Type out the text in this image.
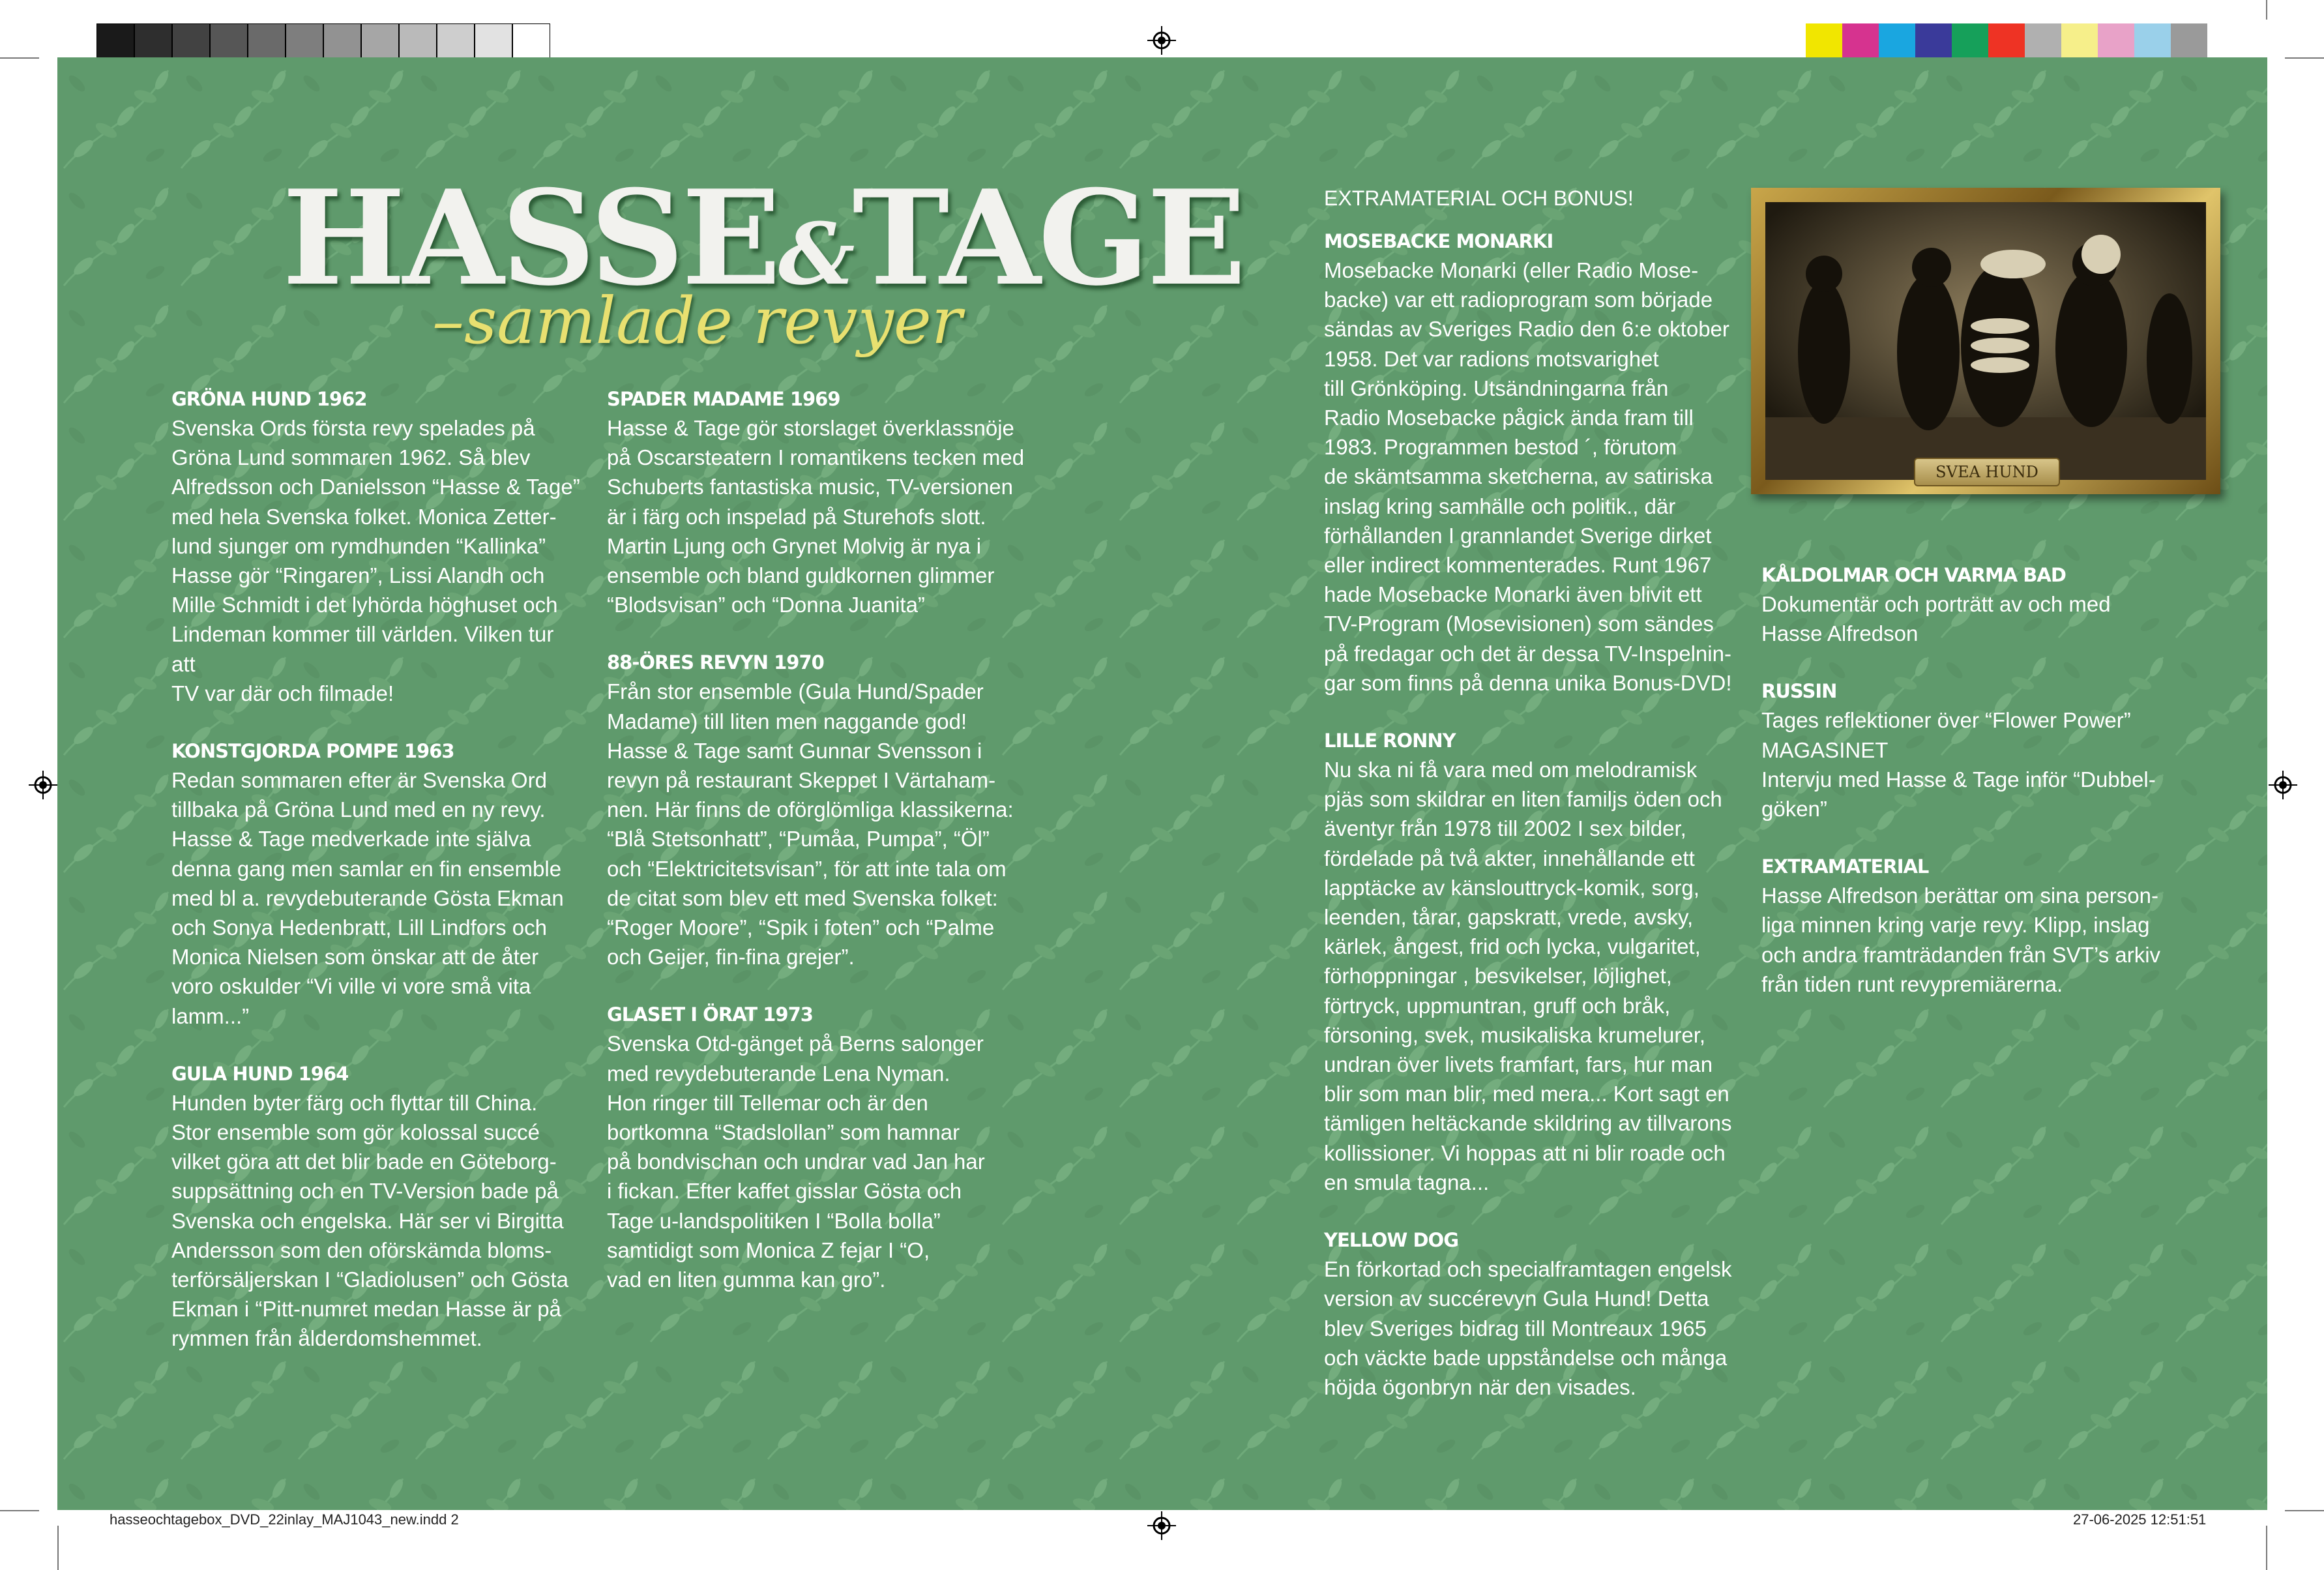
HASSE&TAGE
–samlade revyer
GRÖNA HUND 1962

Svenska Ords första revy spelades på
Gröna Lund sommaren 1962. Så blev
Alfredsson och Danielsson “Hasse & Tage”
med hela Svenska folket. Monica Zetter-
lund sjunger om rymdhunden “Kallinka”
Hasse gör “Ringaren”, Lissi Alandh och
Mille Schmidt i det lyhörda höghuset och
Lindeman kommer till världen. Vilken tur att
TV var där och filmade!

KONSTGJORDA POMPE 1963

Redan sommaren efter är Svenska Ord
tillbaka på Gröna Lund med en ny revy.
Hasse & Tage medverkade inte själva
denna gang men samlar en fin ensemble
med bl a. revydebuterande Gösta Ekman
och Sonya Hedenbratt, Lill Lindfors och
Monica Nielsen som önskar att de åter
voro oskulder “Vi ville vi vore små vita
lamm...”

GULA HUND 1964

Hunden byter färg och flyttar till China.
Stor ensemble som gör kolossal succé
vilket göra att det blir bade en Göteborg-
suppsättning och en TV-Version bade på
Svenska och engelska. Här ser vi Birgitta
Andersson som den oförskämda bloms-
terförsäljerskan I “Gladiolusen” och Gösta
Ekman i “Pitt-numret medan Hasse är på
rymmen från ålderdomshemmet.

SPADER MADAME 1969

Hasse & Tage gör storslaget överklassnöje
på Oscarsteatern I romantikens tecken med
Schuberts fantastiska music, TV-versionen
är i färg och inspelad på Sturehofs slott.
Martin Ljung och Grynet Molvig är nya i
ensemble och bland guldkornen glimmer
“Blodsvisan” och “Donna Juanita”

88-ÖRES REVYN 1970

Från stor ensemble (Gula Hund/Spader
Madame) till liten men naggande god!
Hasse & Tage samt Gunnar Svensson i
revyn på restaurant Skeppet I Värtaham-
nen. Här finns de oförglömliga klassikerna:
“Blå Stetsonhatt”, “Pumåa, Pumpa”, “Öl”
och “Elektricitetsvisan”, för att inte tala om
de citat som blev ett med Svenska folket:
“Roger Moore”, “Spik i foten” och “Palme
och Geijer, fin-fina grejer”.

GLASET I ÖRAT 1973

Svenska Otd-gänget på Berns salonger
med revydebuterande Lena Nyman.
Hon ringer till Tellemar och är den
bortkomna “Stadslollan” som hamnar
på bondvischan och undrar vad Jan har
i fickan. Efter kaffet gisslar Gösta och
Tage u-landspolitiken I “Bolla bolla”
samtidigt som Monica Z fejar I “O,
vad en liten gumma kan gro”.

EXTRAMATERIAL OCH BONUS!
MOSEBACKE MONARKI

Mosebacke Monarki (eller Radio Mose-
backe) var ett radioprogram som började
sändas av Sveriges Radio den 6:e oktober
1958. Det var radions motsvarighet
till Grönköping. Utsändningarna från
Radio Mosebacke pågick ända fram till
1983. Programmen bestod ´, förutom
de skämtsamma sketcherna, av satiriska
inslag kring samhälle och politik., där
förhållanden I grannlandet Sverige dirket
eller indirect kommenterades. Runt 1967
hade Mosebacke Monarki även blivit ett
TV-Program (Mosevisionen) som sändes
på fredagar och det är dessa TV-Inspelnin-
gar som finns på denna unika Bonus-DVD!

LILLE RONNY

Nu ska ni få vara med om melodramisk
pjäs som skildrar en liten familjs öden och
äventyr från 1978 till 2002 I sex bilder,
fördelade på två akter, innehållande ett
lapptäcke av känslouttryck-komik, sorg,
leenden, tårar, gapskratt, vrede, avsky,
kärlek, ångest, frid och lycka, vulgaritet,
förhoppningar , besvikelser, löjlighet,
förtryck, uppmuntran, gruff och bråk,
försoning, svek, musikaliska krumelurer,
undran över livets framfart, fars, hur man
blir som man blir, med mera... Kort sagt en
tämligen heltäckande skildring av tillvarons
kollissioner. Vi hoppas att ni blir roade och
en smula tagna...

YELLOW DOG

En förkortad och specialframtagen engelsk
version av succérevyn Gula Hund! Detta
blev Sveriges bidrag till Montreaux 1965
och väckte bade uppståndelse och många
höjda ögonbryn när den visades.

KÅLDOLMAR OCH VARMA BAD

Dokumentär och porträtt av och med
Hasse Alfredson

RUSSIN

Tages reflektioner över “Flower Power”
MAGASINET
Intervju med Hasse & Tage inför “Dubbel-
göken”

EXTRAMATERIAL

Hasse Alfredson berättar om sina person-
liga minnen kring varje revy. Klipp, inslag
och andra framträdanden från SVT’s arkiv
från tiden runt revypremiärerna.

SVEA HUND
hasseochtagebox_DVD_22inlay_MAJ1043_new.indd 2	27-06-2025 12:51:51
